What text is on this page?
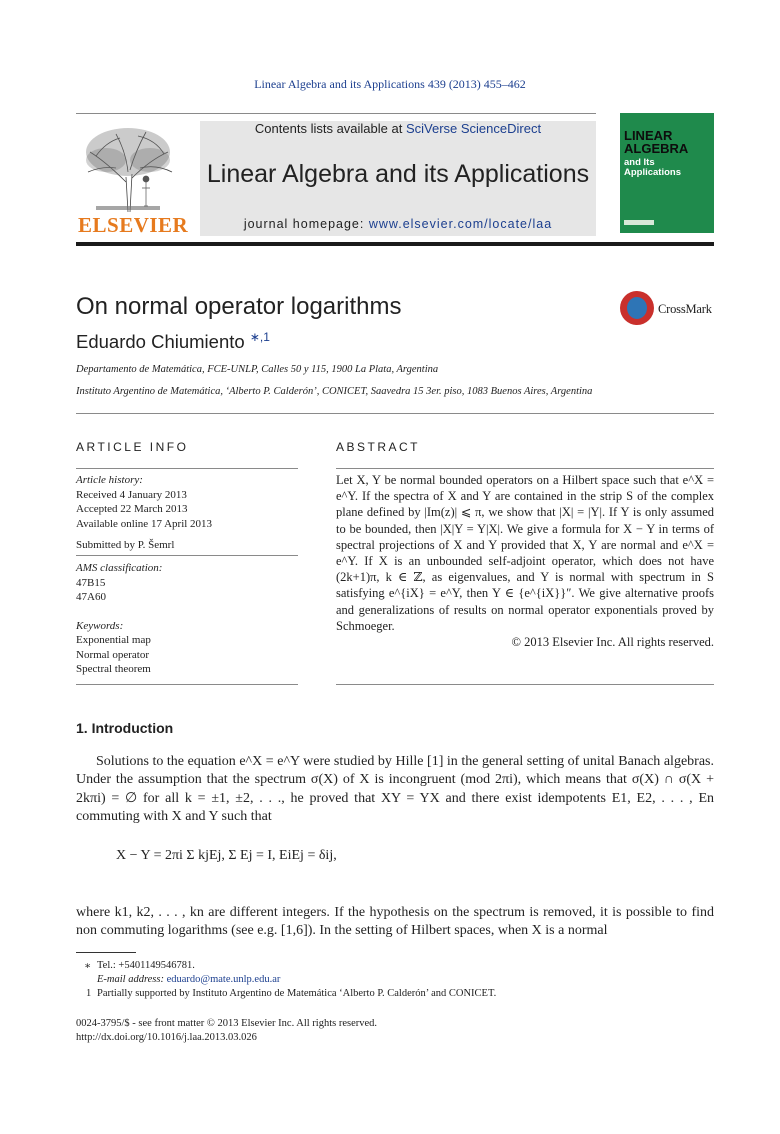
Linear Algebra and its Applications 439 (2013) 455–462
Contents lists available at SciVerse ScienceDirect
Linear Algebra and its Applications
journal homepage: www.elsevier.com/locate/laa
ELSEVIER
LINEAR ALGEBRA
and Its Applications
On normal operator logarithms	CrossMark
Eduardo Chiumiento $^{∗,1}$
Departamento de Matemática, FCE-UNLP, Calles 50 y 115, 1900 La Plata, Argentina
Instituto Argentino de Matemática, ‘Alberto P. Calderón’, CONICET, Saavedra 15 3er. piso, 1083 Buenos Aires, Argentina
ARTICLE INFO
Article history:
Received 4 January 2013
Accepted 22 March 2013
Available online 17 April 2013
Submitted by P. Šemrl
AMS classification:
47B15
47A60
Keywords:
Exponential map
Normal operator
Spectral theorem
ABSTRACT
Let X, Y be normal bounded operators on a Hilbert space such that e^X = e^Y. If the spectra of X and Y are contained in the strip S of the complex plane defined by |Im(z)| ⩽ π, we show that |X| = |Y|. If Y is only assumed to be bounded, then |X|Y = Y|X|. We give a formula for X − Y in terms of spectral projections of X and Y provided that X, Y are normal and e^X = e^Y. If X is an unbounded self-adjoint operator, which does not have (2k+1)π, k ∈ ℤ, as eigenvalues, and Y is normal with spectrum in S satisfying e^{iX} = e^Y, then Y ∈ {e^{iX}}″. We give alternative proofs and generalizations of results on normal operator exponentials proved by Schmoeger.
© 2013 Elsevier Inc. All rights reserved.
1. Introduction
Solutions to the equation e^X = e^Y were studied by Hille [1] in the general setting of unital Banach algebras. Under the assumption that the spectrum σ(X) of X is incongruent (mod 2πi), which means that σ(X) ∩ σ(X + 2kπi) = ∅ for all k = ±1, ±2, . . ., he proved that XY = YX and there exist idempotents E1, E2, . . . , En commuting with X and Y such that
X − Y = 2πi Σ kjEj, Σ Ej = I, EiEj = δij,
where k1, k2, . . . , kn are different integers. If the hypothesis on the spectrum is removed, it is possible to find non commuting logarithms (see e.g. [1,6]). In the setting of Hilbert spaces, when X is a normal
∗ Tel.: +5401149546781.
E-mail address: eduardo@mate.unlp.edu.ar
1 Partially supported by Instituto Argentino de Matemática ‘Alberto P. Calderón’ and CONICET.
0024-3795/$ - see front matter © 2013 Elsevier Inc. All rights reserved.
http://dx.doi.org/10.1016/j.laa.2013.03.026
